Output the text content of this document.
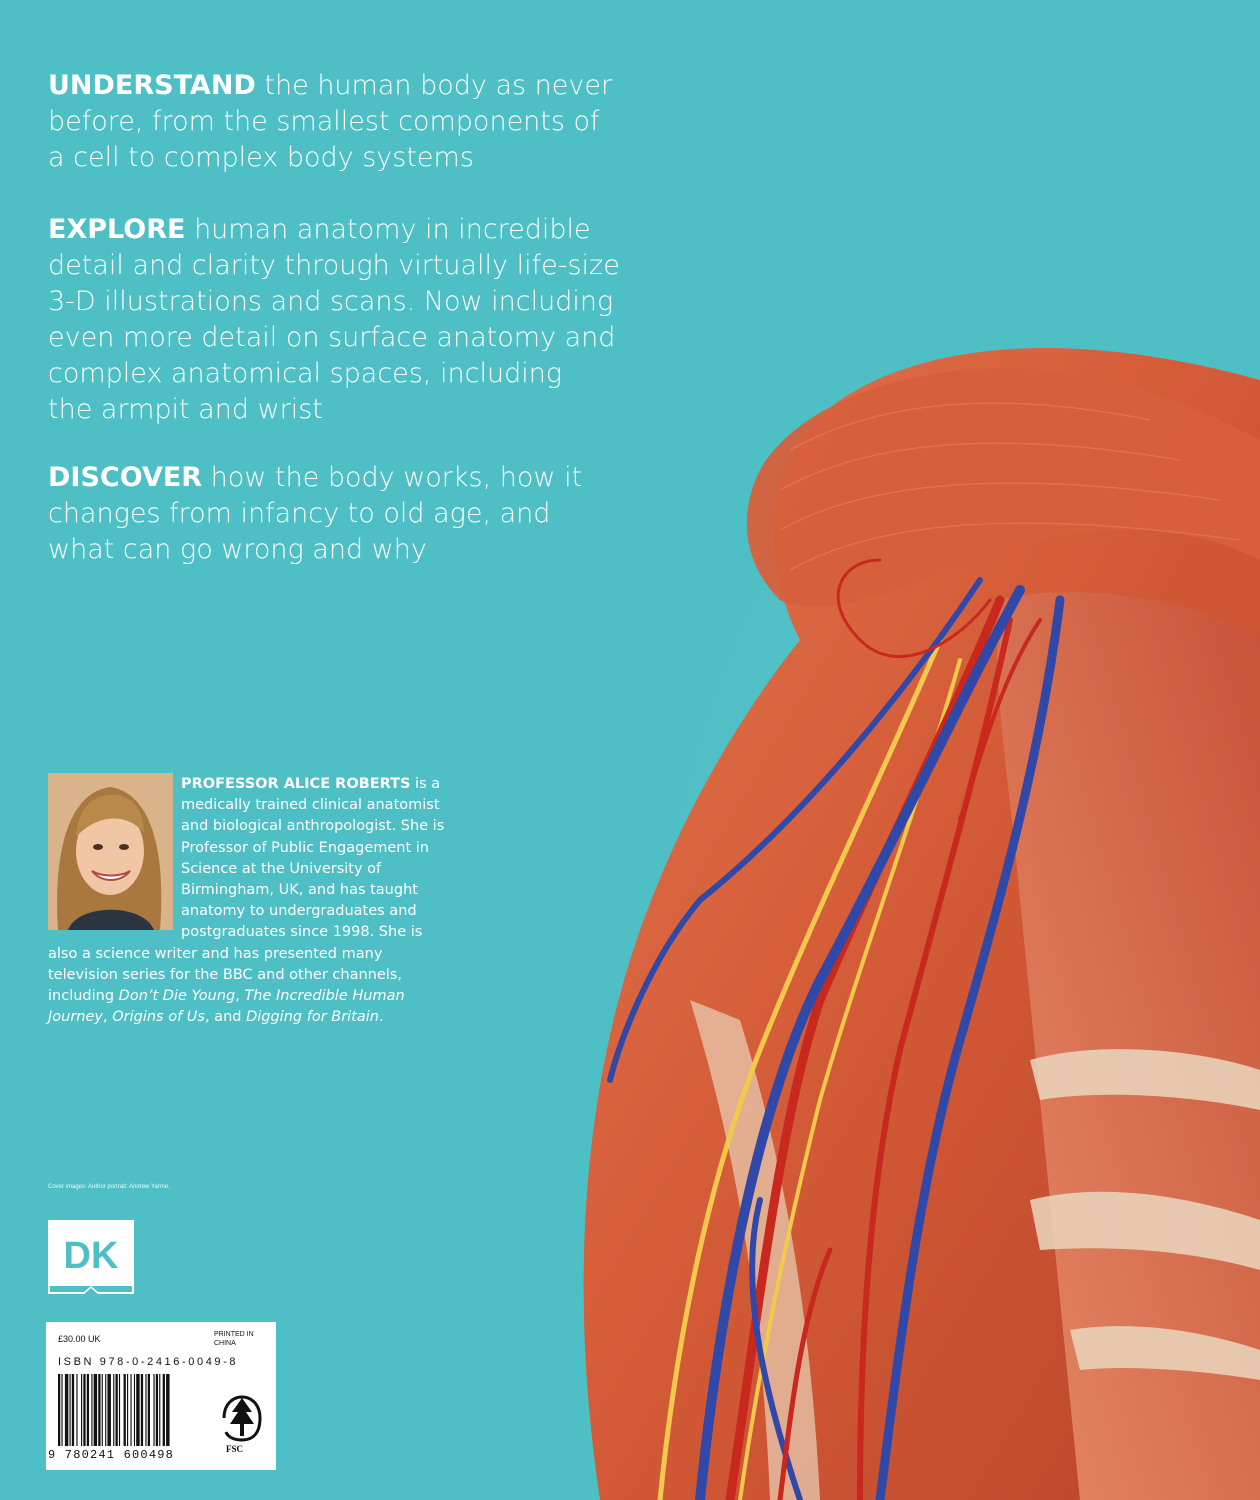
UNDERSTAND the human body as never
before, from the smallest components of
a cell to complex body systems

EXPLORE human anatomy in incredible
detail and clarity through virtually life-size
3-D illustrations and scans. Now including
even more detail on surface anatomy and
complex anatomical spaces, including
the armpit and wrist

DISCOVER how the body works, how it
changes from infancy to old age, and
what can go wrong and why

PROFESSOR ALICE ROBERTS is a medically trained clinical anatomist and biological anthropologist. She is Professor of Public Engagement in Science at the University of Birmingham, UK, and has taught anatomy to undergraduates and postgraduates since 1998. She is also a science writer and has presented many television series for the BBC and other channels, including Don’t Die Young, The Incredible Human Journey, Origins of Us, and Digging for Britain.

Cover images: Author portrait: Andrew Yarme.
DK
£30.00 UK	PRINTED IN CHINA
ISBN 978-0-2416-0049-8
9 780241 600498	FSC
